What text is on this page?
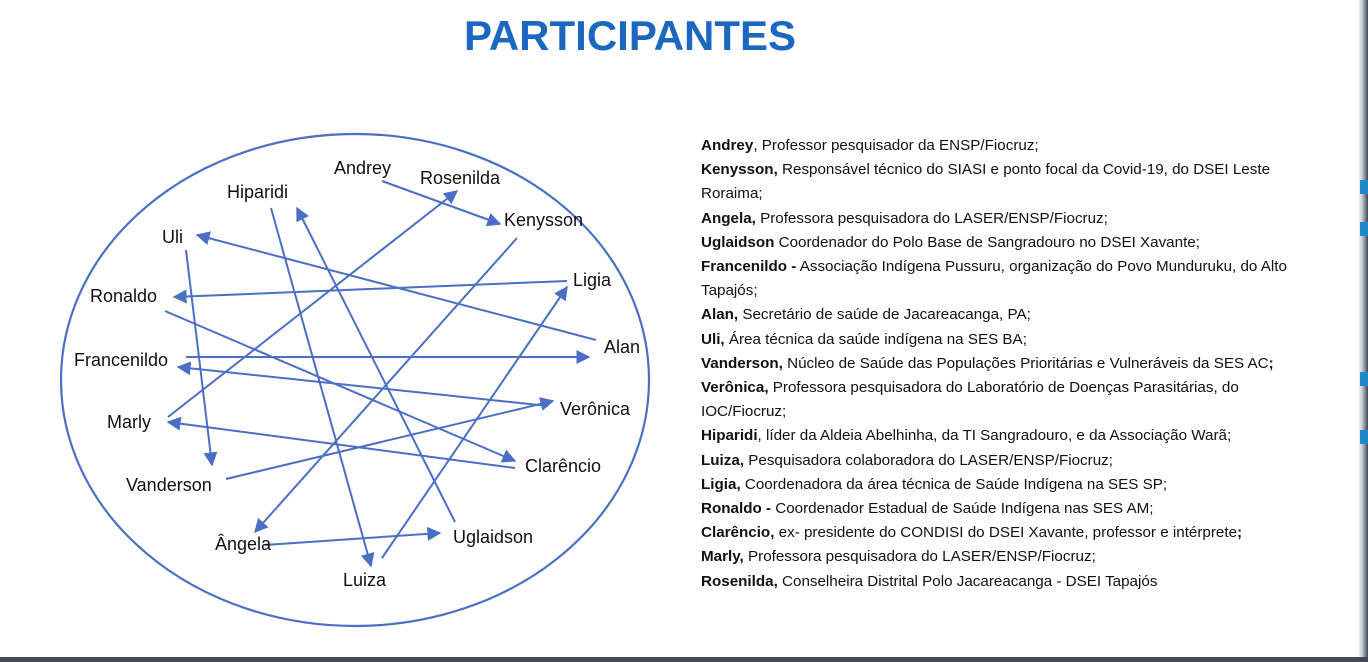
PARTICIPANTES
Andrey Rosenilda
Hiparidi
Kenysson
Uli
Ligia
Ronaldo
Alan
Francenildo
Verônica
Marly
Clarêncio
Vanderson
Uglaidson
Ângela
Luiza

Andrey, Professor pesquisador da ENSP/Fiocruz;

Kenysson, Responsável técnico do SIASI e ponto focal da Covid-19, do DSEI Leste Roraima;

Angela, Professora pesquisadora do LASER/ENSP/Fiocruz;

Uglaidson Coordenador do Polo Base de Sangradouro no DSEI Xavante;

Francenildo - Associação Indígena Pussuru, organização do Povo Munduruku, do Alto Tapajós;

Alan, Secretário de saúde de Jacareacanga, PA;

Uli, Área técnica da saúde indígena na SES BA;

Vanderson, Núcleo de Saúde das Populações Prioritárias e Vulneráveis da SES AC;

Verônica, Professora pesquisadora do Laboratório de Doenças Parasitárias, do IOC/Fiocruz;

Hiparidi, líder da Aldeia Abelhinha, da TI Sangradouro, e da Associação Warã;

Luiza, Pesquisadora colaboradora do LASER/ENSP/Fiocruz;

Ligia, Coordenadora da área técnica de Saúde Indígena na SES SP;

Ronaldo - Coordenador Estadual de Saúde Indígena nas SES AM;

Clarêncio, ex- presidente do CONDISI do DSEI Xavante, professor e intérprete;

Marly, Professora pesquisadora do LASER/ENSP/Fiocruz;

Rosenilda, Conselheira Distrital Polo Jacareacanga - DSEI Tapajós
